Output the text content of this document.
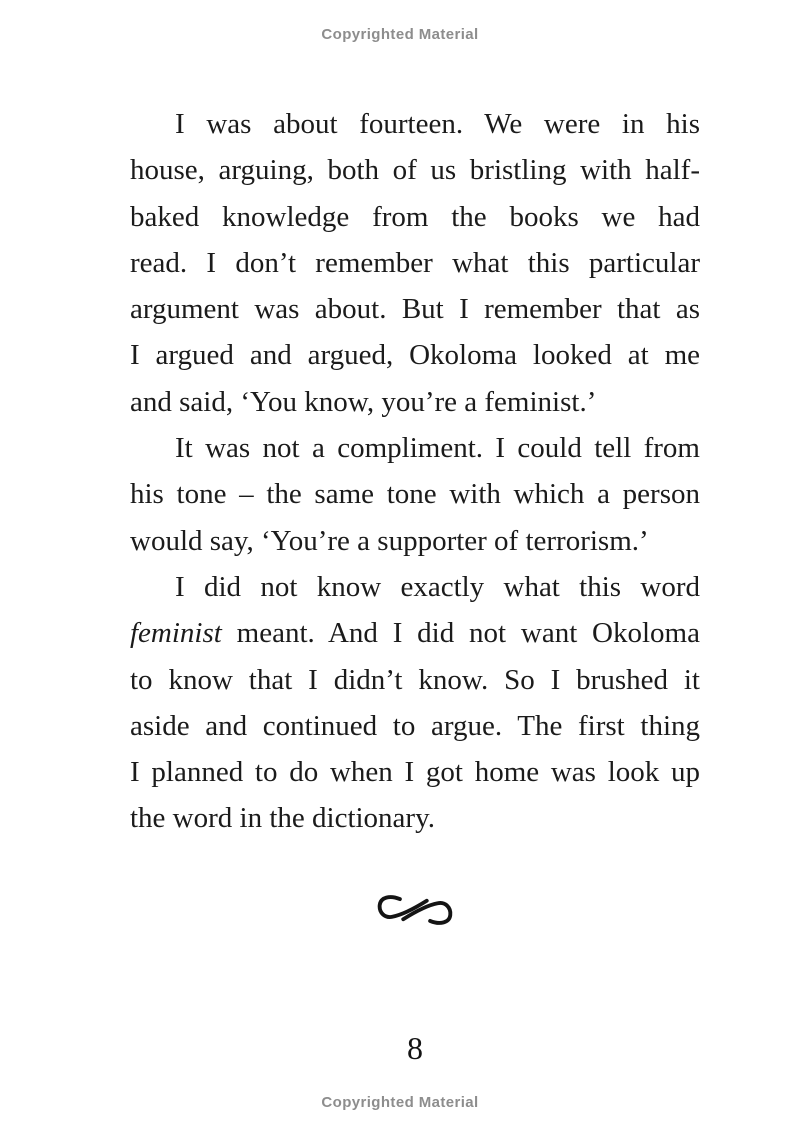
Copyrighted Material
I was about fourteen. We were in his
house, arguing, both of us bristling with half-
baked knowledge from the books we had
read. I don’t remember what this particular
argument was about. But I remember that as
I argued and argued, Okoloma looked at me
and said, ‘You know, you’re a feminist.’
It was not a compliment. I could tell from
his tone – the same tone with which a person
would say, ‘You’re a supporter of terrorism.’
I did not know exactly what this word
feminist meant. And I did not want Okoloma
to know that I didn’t know. So I brushed it
aside and continued to argue. The first thing
I planned to do when I got home was look up
the word in the dictionary.
8
Copyrighted Material
